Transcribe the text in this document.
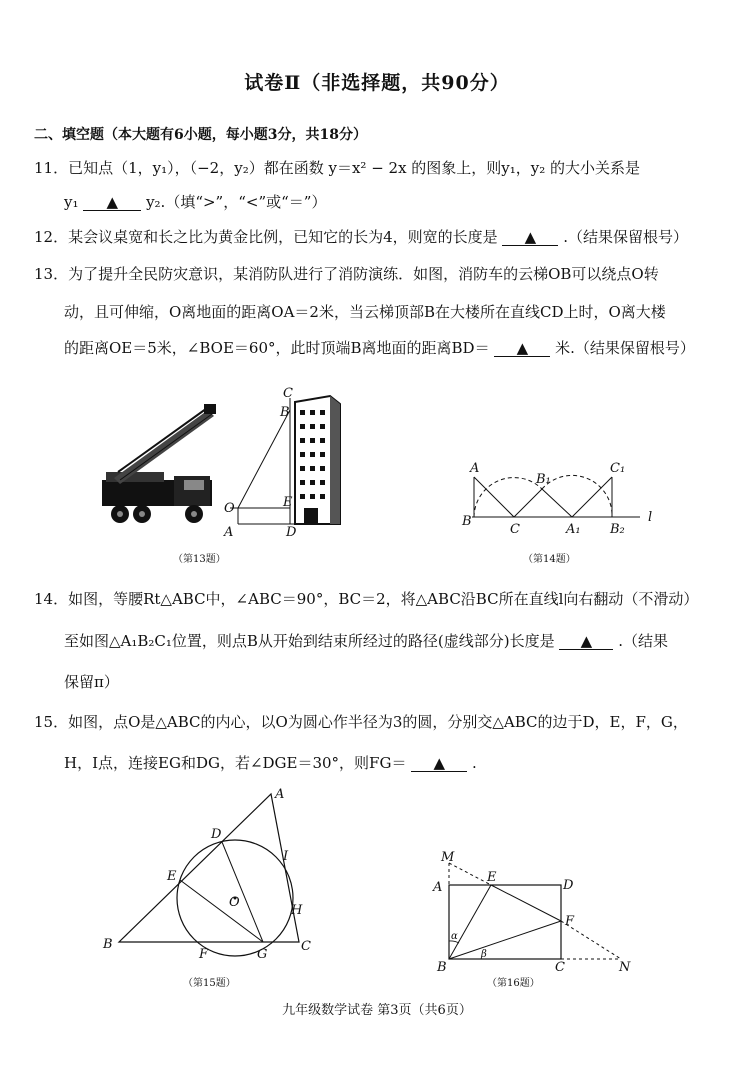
试卷Ⅱ（非选择题，共90分）
二、填空题（本大题有6小题，每小题3分，共18分）
11．已知点（1，y₁），（−2，y₂）都在函数 y＝x² − 2x 的图象上，则y₁，y₂ 的大小关系是
y₁ ▲ y₂.（填“>”，“<”或“＝”）
12．某会议桌宽和长之比为黄金比例，已知它的长为4，则宽的长度是 ▲ .（结果保留根号）
13．为了提升全民防灾意识，某消防队进行了消防演练．如图，消防车的云梯OB可以绕点O转
动，且可伸缩，O离地面的距离OA＝2米，当云梯顶部B在大楼所在直线CD上时，O离大楼
的距离OE＝5米，∠BOE＝60°，此时顶端B离地面的距离BD＝ ▲ 米.（结果保留根号）
C
B
E
O
A	D
（第13题）
A
B
C
B₁
A₁
C₁
B₂
l
（第14题）
14．如图，等腰Rt△ABC中，∠ABC＝90°，BC＝2，将△ABC沿BC所在直线l向右翻动（不滑动）
至如图△A₁B₂C₁位置，则点B从开始到结束所经过的路径(虚线部分)长度是 ▲ .（结果
保留π）
15．如图，点O是△ABC的内心，以O为圆心作半径为3的圆，分别交△ABC的边于D，E，F，G，
H，I点，连接EG和DG，若∠DGE＝30°，则FG＝ ▲ .
A
B	C
D
E
F	G
H
I
O
（第15题）
M
A
E
D
F
B	C	N
α
β
（第16题）
九年级数学试卷 第3页（共6页）
